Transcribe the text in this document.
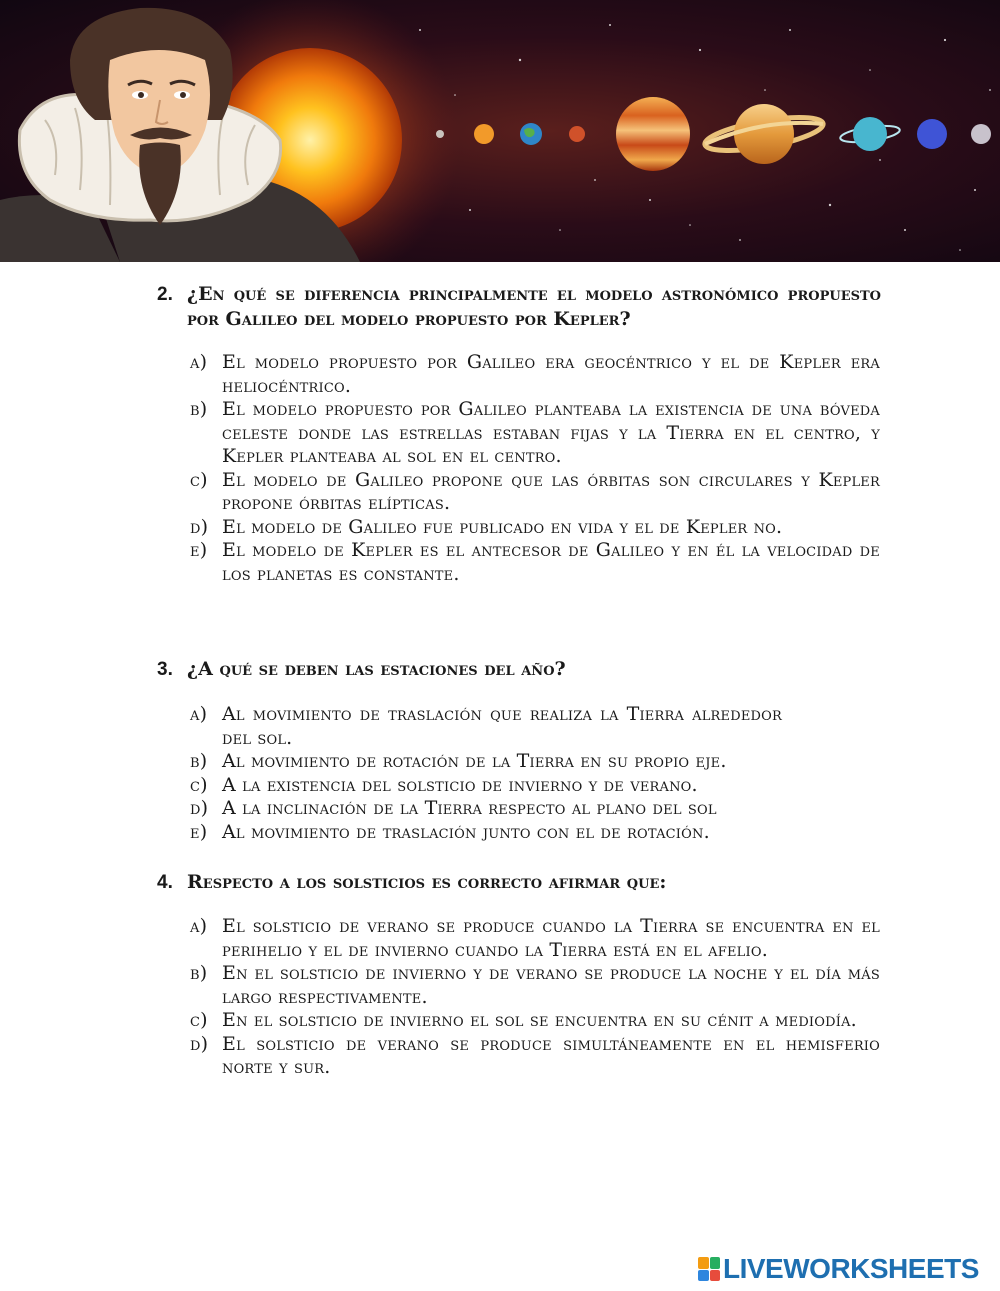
2. ¿En qué se diferencia principalmente el modelo astronómico propuesto por Galileo del modelo propuesto por Kepler?
a) El modelo propuesto por Galileo era geocéntrico y el de Kepler era heliocéntrico.
b) El modelo propuesto por Galileo planteaba la existencia de una bóveda celeste donde las estrellas estaban fijas y la Tierra en el centro, y Kepler planteaba al sol en el centro.
c) El modelo de Galileo propone que las órbitas son circulares y Kepler propone órbitas elípticas.
d) El modelo de Galileo fue publicado en vida y el de Kepler no.
e) El modelo de Kepler es el antecesor de Galileo y en él la velocidad de los planetas es constante.
3. ¿A qué se deben las estaciones del año?
a) Al movimiento de traslación que realiza la Tierra alrededor del sol.
b) Al movimiento de rotación de la Tierra en su propio eje.
c) A la existencia del solsticio de invierno y de verano.
d) A la inclinación de la Tierra respecto al plano del sol
e) Al movimiento de traslación junto con el de rotación.
4. Respecto a los solsticios es correcto afirmar que:
a) El solsticio de verano se produce cuando la Tierra se encuentra en el perihelio y el de invierno cuando la Tierra está en el afelio.
b) En el solsticio de invierno y de verano se produce la noche y el día más largo respectivamente.
c) En el solsticio de invierno el sol se encuentra en su cénit a mediodía.
d) El solsticio de verano se produce simultáneamente en el hemisferio norte y sur.
LIVEWORKSHEETS
